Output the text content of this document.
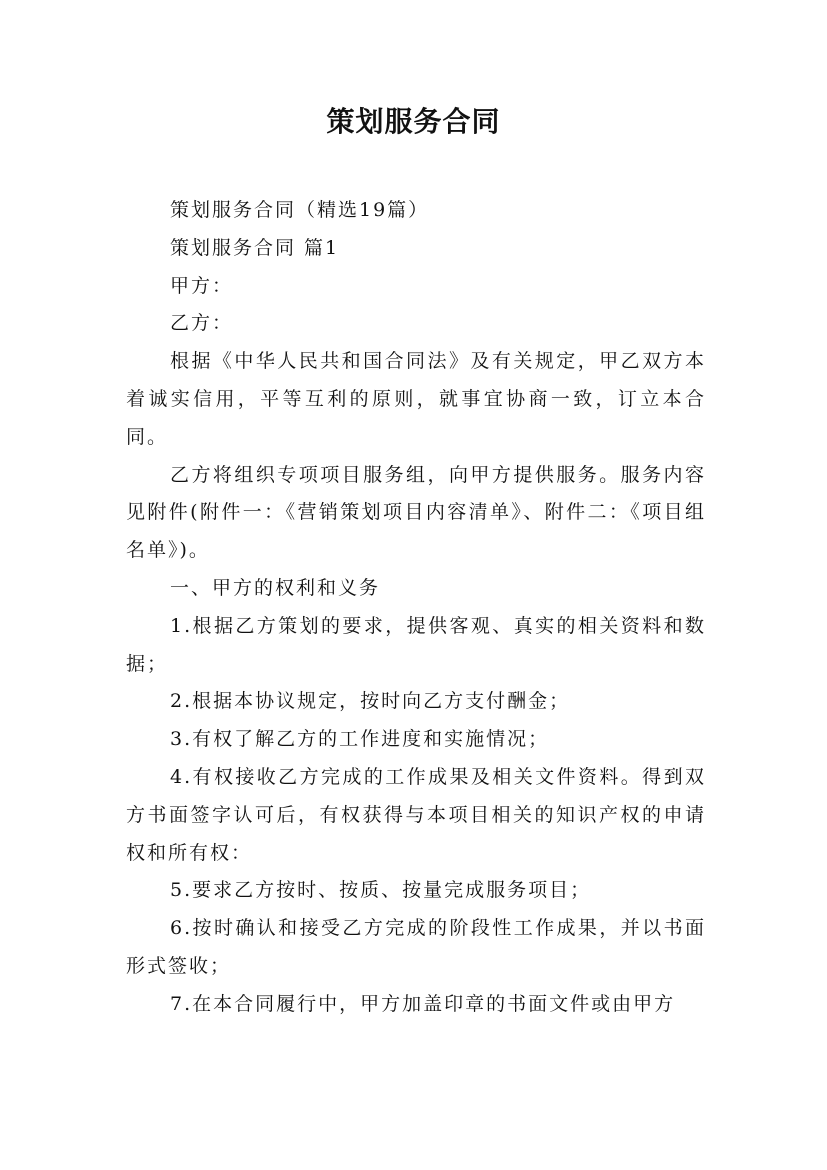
策划服务合同

策划服务合同（精选19篇）

策划服务合同 篇1

甲方：

乙方：

根据《中华人民共和国合同法》及有关规定，甲乙双方本着诚实信用，平等互利的原则，就事宜协商一致，订立本合同。

乙方将组织专项项目服务组，向甲方提供服务。服务内容见附件(附件一：《营销策划项目内容清单》、附件二：《项目组名单》)。

一、甲方的权利和义务

1.根据乙方策划的要求，提供客观、真实的相关资料和数据；

2.根据本协议规定，按时向乙方支付酬金；

3.有权了解乙方的工作进度和实施情况；

4.有权接收乙方完成的工作成果及相关文件资料。得到双方书面签字认可后，有权获得与本项目相关的知识产权的申请权和所有权：

5.要求乙方按时、按质、按量完成服务项目；

6.按时确认和接受乙方完成的阶段性工作成果，并以书面形式签收；

7.在本合同履行中，甲方加盖印章的书面文件或由甲方
